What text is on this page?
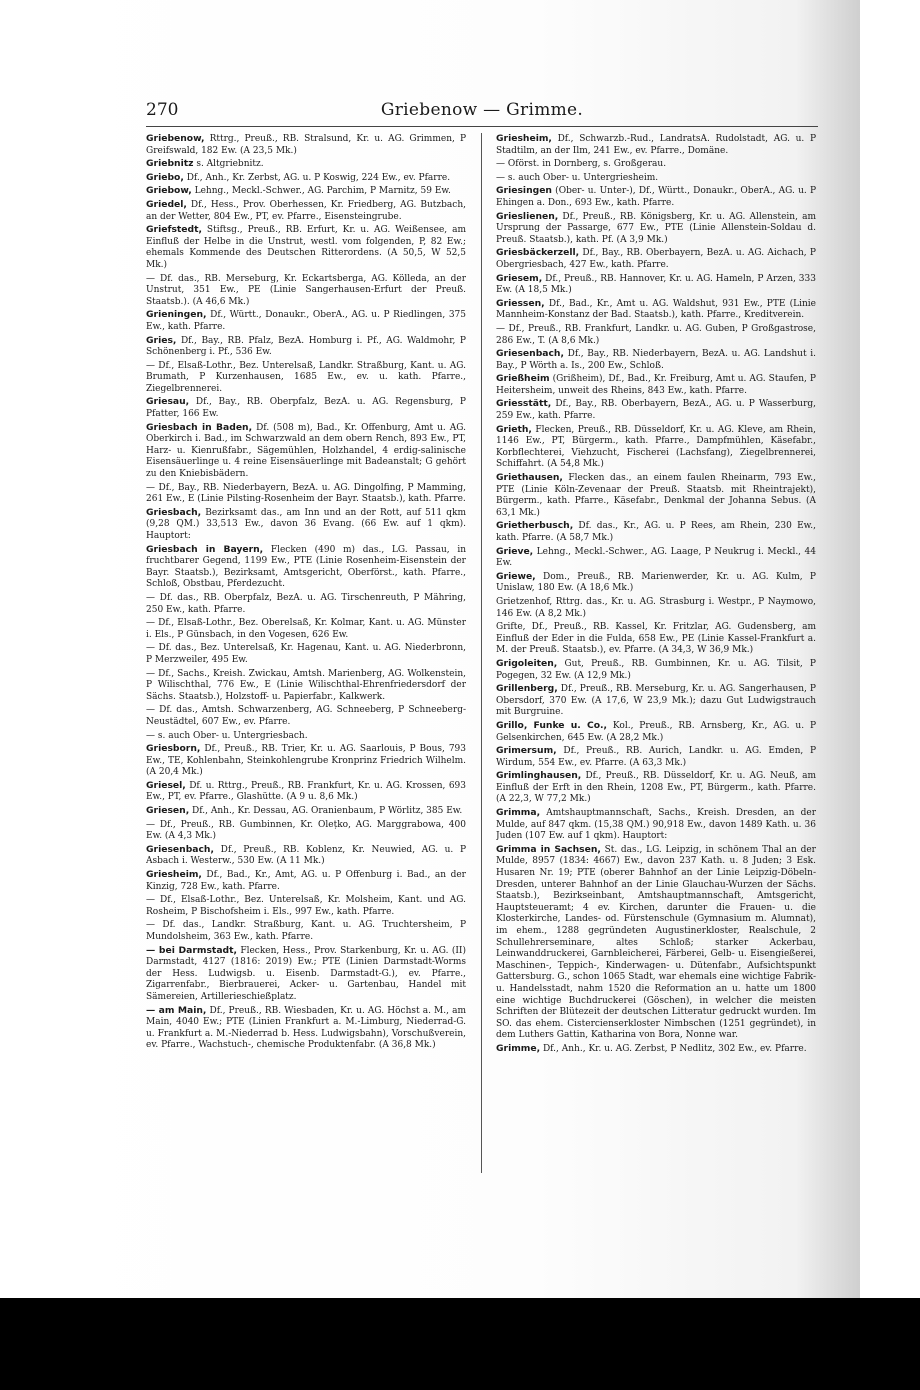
270	Griebenow — Grimme.

Griebenow, Rttrg., Preuß., RB. Stralsund, Kr. u. AG. Grimmen, P Greifswald, 182 Ew. (A 23,5 Mk.)

Griebnitz s. Altgriebnitz.

Griebo, Df., Anh., Kr. Zerbst, AG. u. P Koswig, 224 Ew., ev. Pfarre.

Griebow, Lehng., Meckl.-Schwer., AG. Parchim, P Marnitz, 59 Ew.

Griedel, Df., Hess., Prov. Oberhessen, Kr. Friedberg, AG. Butzbach, an der Wetter, 804 Ew., PT, ev. Pfarre., Eisensteingrube.

Griefstedt, Stiftsg., Preuß., RB. Erfurt, Kr. u. AG. Weißensee, am Einfluß der Helbe in die Unstrut, westl. vom folgenden, P, 82 Ew.; ehemals Kommende des Deutschen Ritterordens. (A 50,5, W 52,5 Mk.)

— Df. das., RB. Merseburg, Kr. Eckartsberga, AG. Kölleda, an der Unstrut, 351 Ew., PE (Linie Sangerhausen-Erfurt der Preuß. Staatsb.). (A 46,6 Mk.)

Grieningen, Df., Württ., Donaukr., OberA., AG. u. P Riedlingen, 375 Ew., kath. Pfarre.

Gries, Df., Bay., RB. Pfalz, BezA. Homburg i. Pf., AG. Waldmohr, P Schönenberg i. Pf., 536 Ew.

— Df., Elsaß-Lothr., Bez. Unterelsaß, Landkr. Straßburg, Kant. u. AG. Brumath, P Kurzenhausen, 1685 Ew., ev. u. kath. Pfarre., Ziegelbrennerei.

Griesau, Df., Bay., RB. Oberpfalz, BezA. u. AG. Regensburg, P Pfatter, 166 Ew.

Griesbach in Baden, Df. (508 m), Bad., Kr. Offenburg, Amt u. AG. Oberkirch i. Bad., im Schwarzwald an dem obern Rench, 893 Ew., PT, Harz- u. Kienrußfabr., Sägemühlen, Holzhandel, 4 erdig-salinische Eisensäuerlinge u. 4 reine Eisensäuerlinge mit Badeanstalt; G gehört zu den Kniebisbädern.

— Df., Bay., RB. Niederbayern, BezA. u. AG. Dingolfing, P Mamming, 261 Ew., E (Linie Pilsting-Rosenheim der Bayr. Staatsb.), kath. Pfarre.

Griesbach, Bezirksamt das., am Inn und an der Rott, auf 511 qkm (9,28 QM.) 33,513 Ew., davon 36 Evang. (66 Ew. auf 1 qkm). Hauptort:

Griesbach in Bayern, Flecken (490 m) das., LG. Passau, in fruchtbarer Gegend, 1199 Ew., PTE (Linie Rosenheim-Eisenstein der Bayr. Staatsb.), Bezirksamt, Amtsgericht, Oberförst., kath. Pfarre., Schloß, Obstbau, Pferdezucht.

— Df. das., RB. Oberpfalz, BezA. u. AG. Tirschenreuth, P Mähring, 250 Ew., kath. Pfarre.

— Df., Elsaß-Lothr., Bez. Oberelsaß, Kr. Kolmar, Kant. u. AG. Münster i. Els., P Günsbach, in den Vogesen, 626 Ew.

— Df. das., Bez. Unterelsaß, Kr. Hagenau, Kant. u. AG. Niederbronn, P Merzweiler, 495 Ew.

— Df., Sachs., Kreish. Zwickau, Amtsh. Marienberg, AG. Wolkenstein, P Wilischthal, 776 Ew., E (Linie Wilischthal-Ehrenfriedersdorf der Sächs. Staatsb.), Holzstoff- u. Papierfabr., Kalkwerk.

— Df. das., Amtsh. Schwarzenberg, AG. Schneeberg, P Schneeberg-Neustädtel, 607 Ew., ev. Pfarre.

— s. auch Ober- u. Untergriesbach.

Griesborn, Df., Preuß., RB. Trier, Kr. u. AG. Saarlouis, P Bous, 793 Ew., TE, Kohlenbahn, Steinkohlengrube Kronprinz Friedrich Wilhelm. (A 20,4 Mk.)

Griesel, Df. u. Rttrg., Preuß., RB. Frankfurt, Kr. u. AG. Krossen, 693 Ew., PT, ev. Pfarre., Glashütte. (A 9 u. 8,6 Mk.)

Griesen, Df., Anh., Kr. Dessau, AG. Oranienbaum, P Wörlitz, 385 Ew.

— Df., Preuß., RB. Gumbinnen, Kr. Olețko, AG. Marggrabowa, 400 Ew. (A 4,3 Mk.)

Griesenbach, Df., Preuß., RB. Koblenz, Kr. Neuwied, AG. u. P Asbach i. Westerw., 530 Ew. (A 11 Mk.)

Griesheim, Df., Bad., Kr., Amt, AG. u. P Offenburg i. Bad., an der Kinzig, 728 Ew., kath. Pfarre.

— Df., Elsaß-Lothr., Bez. Unterelsaß, Kr. Molsheim, Kant. und AG. Rosheim, P Bischofsheim i. Els., 997 Ew., kath. Pfarre.

— Df. das., Landkr. Straßburg, Kant. u. AG. Truchtersheim, P Mundolsheim, 363 Ew., kath. Pfarre.

— bei Darmstadt, Flecken, Hess., Prov. Starkenburg, Kr. u. AG. (II) Darmstadt, 4127 (1816: 2019) Ew.; PTE (Linien Darmstadt-Worms der Hess. Ludwigsb. u. Eisenb. Darmstadt-G.), ev. Pfarre., Zigarrenfabr., Bierbrauerei, Acker- u. Gartenbau, Handel mit Sämereien, Artillerieschießplatz.

— am Main, Df., Preuß., RB. Wiesbaden, Kr. u. AG. Höchst a. M., am Main, 4040 Ew.; PTE (Linien Frankfurt a. M.-Limburg, Niederrad-G. u. Frankfurt a. M.-Niederrad b. Hess. Ludwigsbahn), Vorschußverein, ev. Pfarre., Wachstuch-, chemische Produktenfabr. (A 36,8 Mk.)

Griesheim, Df., Schwarzb.-Rud., LandratsA. Rudolstadt, AG. u. P Stadtilm, an der Ilm, 241 Ew., ev. Pfarre., Domäne.

— Oförst. in Dornberg, s. Großgerau.

— s. auch Ober- u. Untergriesheim.

Griesingen (Ober- u. Unter-), Df., Württ., Donaukr., OberA., AG. u. P Ehingen a. Don., 693 Ew., kath. Pfarre.

Grieslienen, Df., Preuß., RB. Königsberg, Kr. u. AG. Allenstein, am Ursprung der Passarge, 677 Ew., PTE (Linie Allenstein-Soldau d. Preuß. Staatsb.), kath. Pf. (A 3,9 Mk.)

Griesbäckerzell, Df., Bay., RB. Oberbayern, BezA. u. AG. Aichach, P Obergriesbach, 427 Ew., kath. Pfarre.

Griesem, Df., Preuß., RB. Hannover, Kr. u. AG. Hameln, P Arzen, 333 Ew. (A 18,5 Mk.)

Griessen, Df., Bad., Kr., Amt u. AG. Waldshut, 931 Ew., PTE (Linie Mannheim-Konstanz der Bad. Staatsb.), kath. Pfarre., Kreditverein.

— Df., Preuß., RB. Frankfurt, Landkr. u. AG. Guben, P Großgastrose, 286 Ew., T. (A 8,6 Mk.)

Griesenbach, Df., Bay., RB. Niederbayern, BezA. u. AG. Landshut i. Bay., P Wörth a. Is., 200 Ew., Schloß.

Grießheim (Grißheim), Df., Bad., Kr. Freiburg, Amt u. AG. Staufen, P Heitersheim, unweit des Rheins, 843 Ew., kath. Pfarre.

Griesstätt, Df., Bay., RB. Oberbayern, BezA., AG. u. P Wasserburg, 259 Ew., kath. Pfarre.

Grieth, Flecken, Preuß., RB. Düsseldorf, Kr. u. AG. Kleve, am Rhein, 1146 Ew., PT, Bürgerm., kath. Pfarre., Dampfmühlen, Käsefabr., Korbflechterei, Viehzucht, Fischerei (Lachsfang), Ziegelbrennerei, Schiffahrt. (A 54,8 Mk.)

Griethausen, Flecken das., an einem faulen Rheinarm, 793 Ew., PTE (Linie Köln-Zevenaar der Preuß. Staatsb. mit Rheintrajekt), Bürgerm., kath. Pfarre., Käsefabr., Denkmal der Johanna Sebus. (A 63,1 Mk.)

Grietherbusch, Df. das., Kr., AG. u. P Rees, am Rhein, 230 Ew., kath. Pfarre. (A 58,7 Mk.)

Grieve, Lehng., Meckl.-Schwer., AG. Laage, P Neukrug i. Meckl., 44 Ew.

Griewe, Dom., Preuß., RB. Marienwerder, Kr. u. AG. Kulm, P Unislaw, 180 Ew. (A 18,6 Mk.)

Grietzenhof, Rttrg. das., Kr. u. AG. Strasburg i. Westpr., P Naymowo, 146 Ew. (A 8,2 Mk.)

Grifte, Df., Preuß., RB. Kassel, Kr. Fritzlar, AG. Gudensberg, am Einfluß der Eder in die Fulda, 658 Ew., PE (Linie Kassel-Frankfurt a. M. der Preuß. Staatsb.), ev. Pfarre. (A 34,3, W 36,9 Mk.)

Grigoleiten, Gut, Preuß., RB. Gumbinnen, Kr. u. AG. Tilsit, P Pogegen, 32 Ew. (A 12,9 Mk.)

Grillenberg, Df., Preuß., RB. Merseburg, Kr. u. AG. Sangerhausen, P Obersdorf, 370 Ew. (A 17,6, W 23,9 Mk.); dazu Gut Ludwigstrauch mit Burgruine.

Grillo, Funke u. Co., Kol., Preuß., RB. Arnsberg, Kr., AG. u. P Gelsenkirchen, 645 Ew. (A 28,2 Mk.)

Grimersum, Df., Preuß., RB. Aurich, Landkr. u. AG. Emden, P Wirdum, 554 Ew., ev. Pfarre. (A 63,3 Mk.)

Grimlinghausen, Df., Preuß., RB. Düsseldorf, Kr. u. AG. Neuß, am Einfluß der Erft in den Rhein, 1208 Ew., PT, Bürgerm., kath. Pfarre. (A 22,3, W 77,2 Mk.)

Grimma, Amtshauptmannschaft, Sachs., Kreish. Dresden, an der Mulde, auf 847 qkm. (15,38 QM.) 90,918 Ew., davon 1489 Kath. u. 36 Juden (107 Ew. auf 1 qkm). Hauptort:

Grimma in Sachsen, St. das., LG. Leipzig, in schönem Thal an der Mulde, 8957 (1834: 4667) Ew., davon 237 Kath. u. 8 Juden; 3 Esk. Husaren Nr. 19; PTE (oberer Bahnhof an der Linie Leipzig-Döbeln-Dresden, unterer Bahnhof an der Linie Glauchau-Wurzen der Sächs. Staatsb.), Bezirkseinbant, Amtshauptmannschaft, Amtsgericht, Hauptsteueramt; 4 ev. Kirchen, darunter die Frauen- u. die Klosterkirche, Landes- od. Fürstenschule (Gymnasium m. Alumnat), im ehem., 1288 gegründeten Augustinerkloster, Realschule, 2 Schullehrerseminare, altes Schloß; starker Ackerbau, Leinwanddruckerei, Garnbleicherei, Färberei, Gelb- u. Eisengießerei, Maschinen-, Teppich-, Kinderwagen- u. Dütenfabr., Aufsichtspunkt Gattersburg. G., schon 1065 Stadt, war ehemals eine wichtige Fabrik- u. Handelsstadt, nahm 1520 die Reformation an u. hatte um 1800 eine wichtige Buchdruckerei (Göschen), in welcher die meisten Schriften der Blütezeit der deutschen Litteratur gedruckt wurden. Im SO. das ehem. Cistercienserkloster Nimbschen (1251 gegründet), in dem Luthers Gattin, Katharina von Bora, Nonne war.

Grimme, Df., Anh., Kr. u. AG. Zerbst, P Nedlitz, 302 Ew., ev. Pfarre.
